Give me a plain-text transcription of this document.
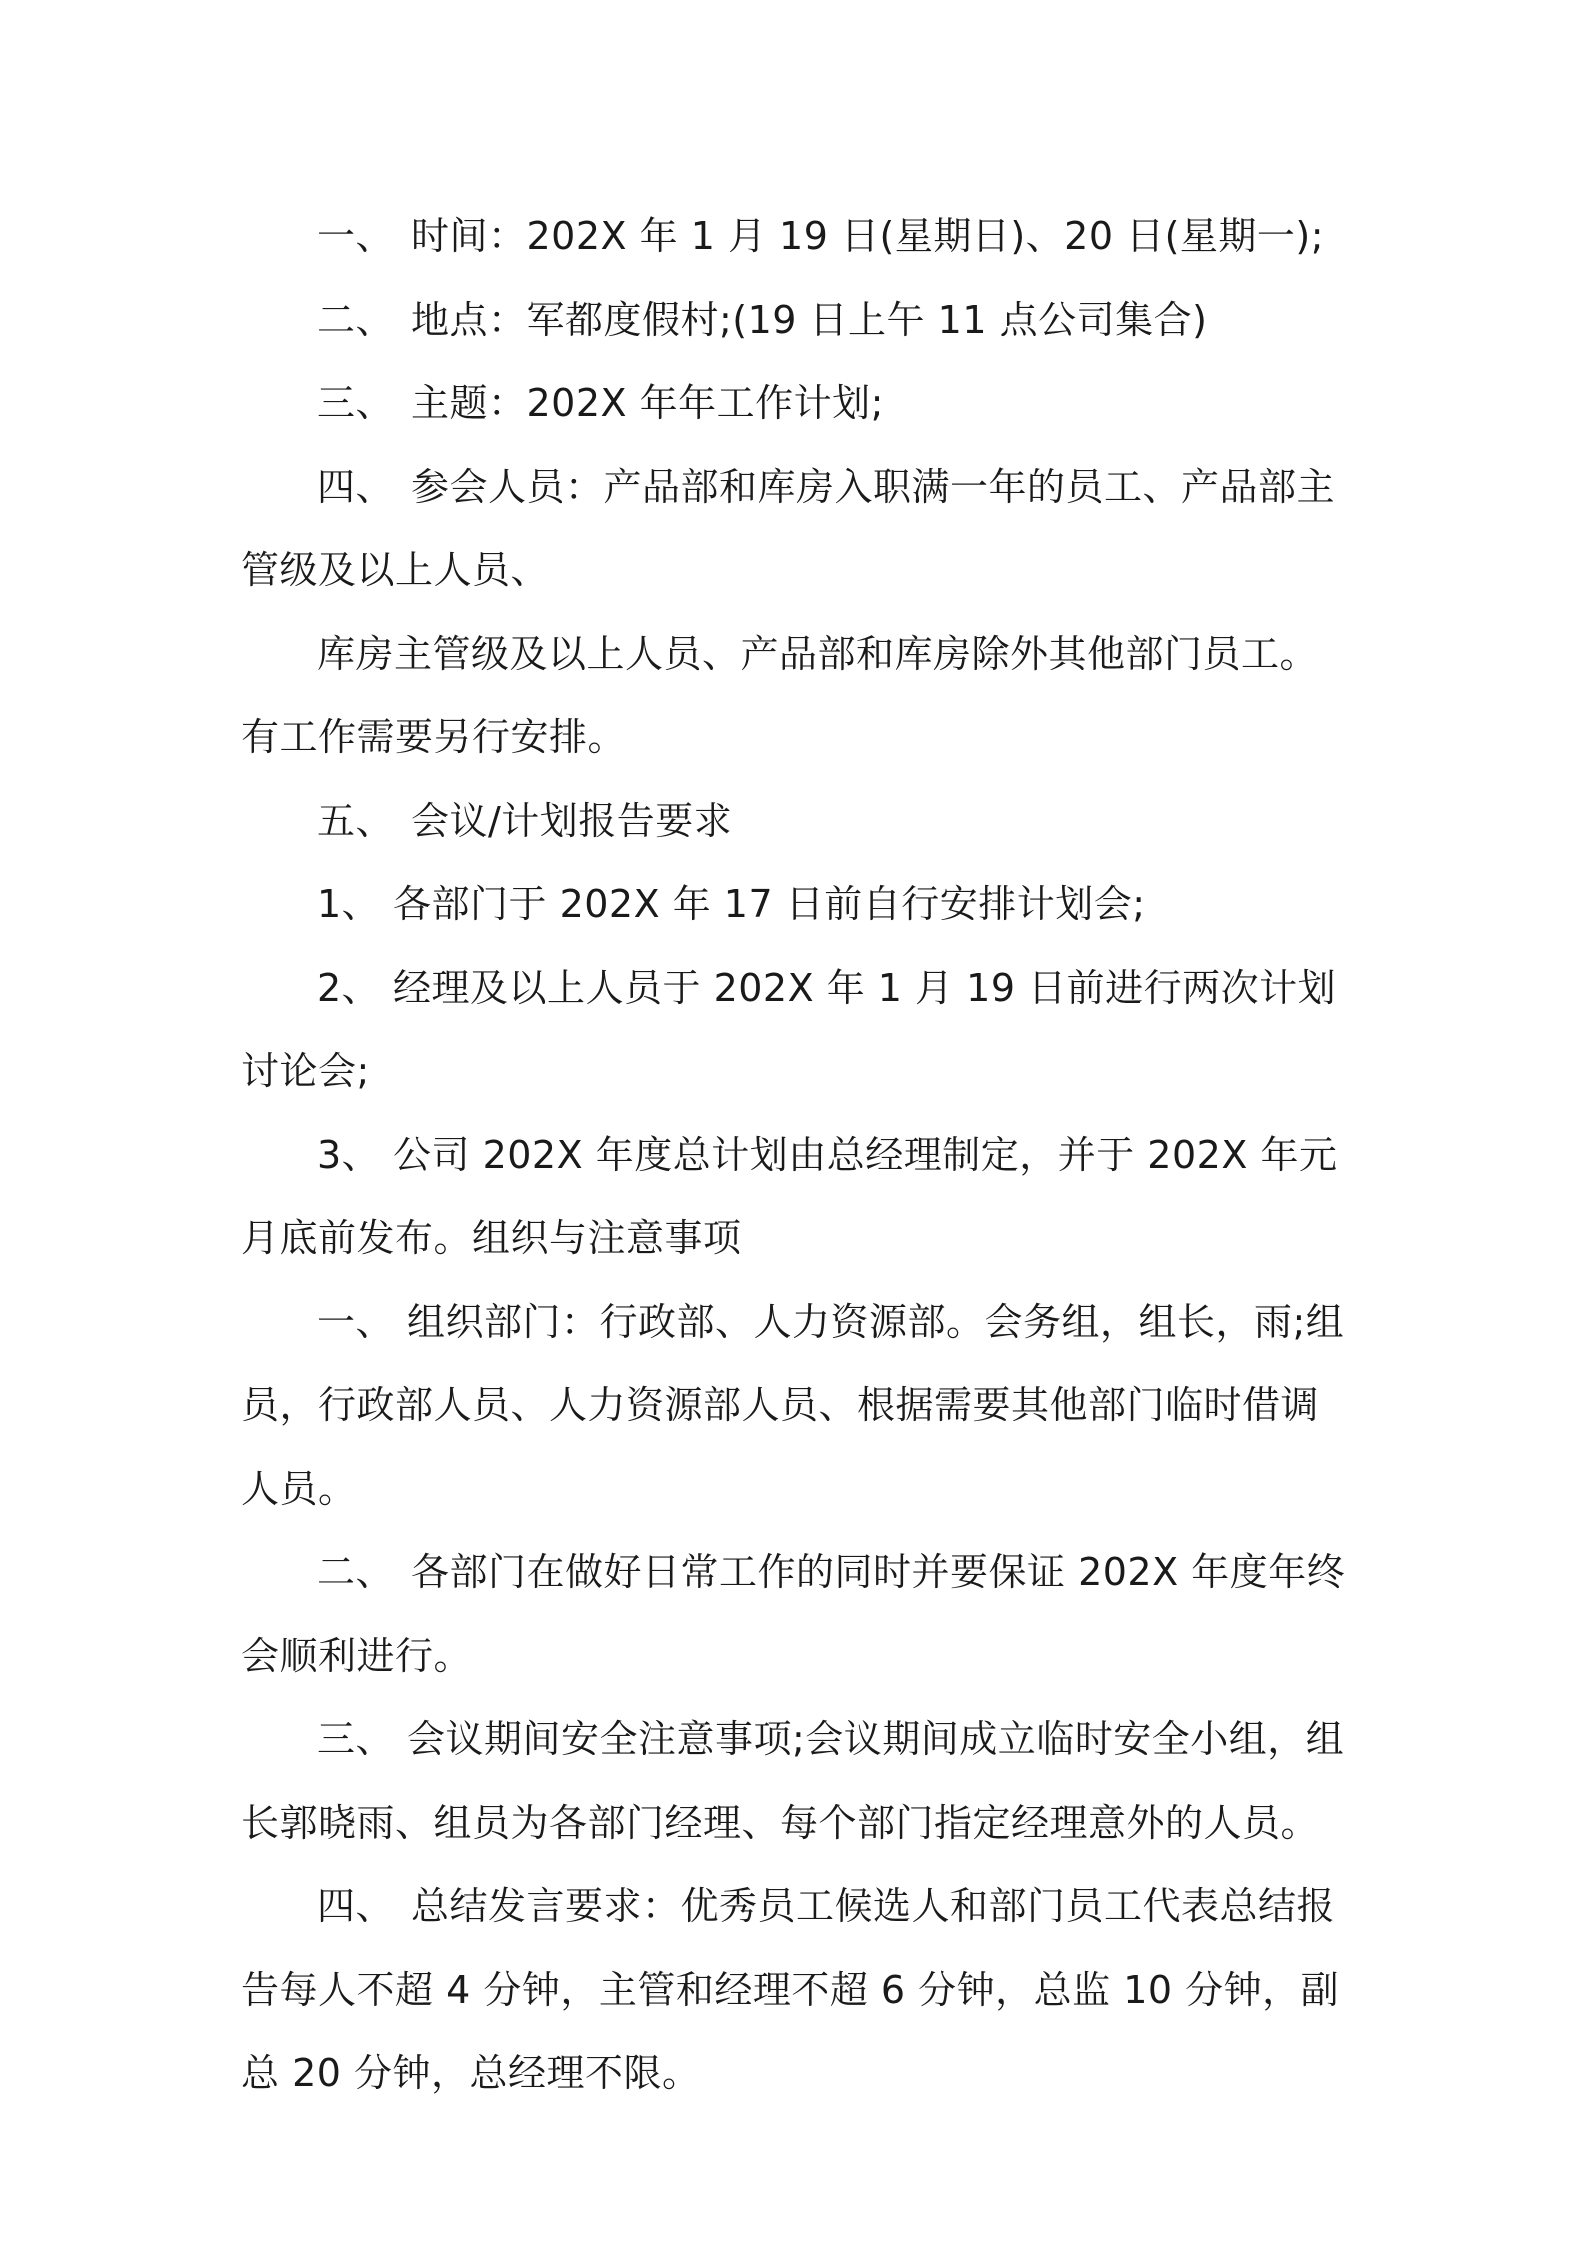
一、 时间：202X 年 1 月 19 日(星期日)、20 日(星期一);

二、 地点：军都度假村;(19 日上午 11 点公司集合)

三、 主题：202X 年年工作计划;

四、 参会人员：产品部和库房入职满一年的员工、产品部主管级及以上人员、

库房主管级及以上人员、产品部和库房除外其他部门员工。有工作需要另行安排。

五、 会议/计划报告要求

1、 各部门于 202X 年 17 日前自行安排计划会;

2、 经理及以上人员于 202X 年 1 月 19 日前进行两次计划讨论会;

3、 公司 202X 年度总计划由总经理制定，并于 202X 年元月底前发布。组织与注意事项

一、 组织部门：行政部、人力资源部。会务组，组长，雨;组员，行政部人员、人力资源部人员、根据需要其他部门临时借调人员。

二、 各部门在做好日常工作的同时并要保证 202X 年度年终会顺利进行。

三、 会议期间安全注意事项;会议期间成立临时安全小组，组长郭晓雨、组员为各部门经理、每个部门指定经理意外的人员。

四、 总结发言要求：优秀员工候选人和部门员工代表总结报告每人不超 4 分钟，主管和经理不超 6 分钟，总监 10 分钟，副总 20 分钟，总经理不限。
